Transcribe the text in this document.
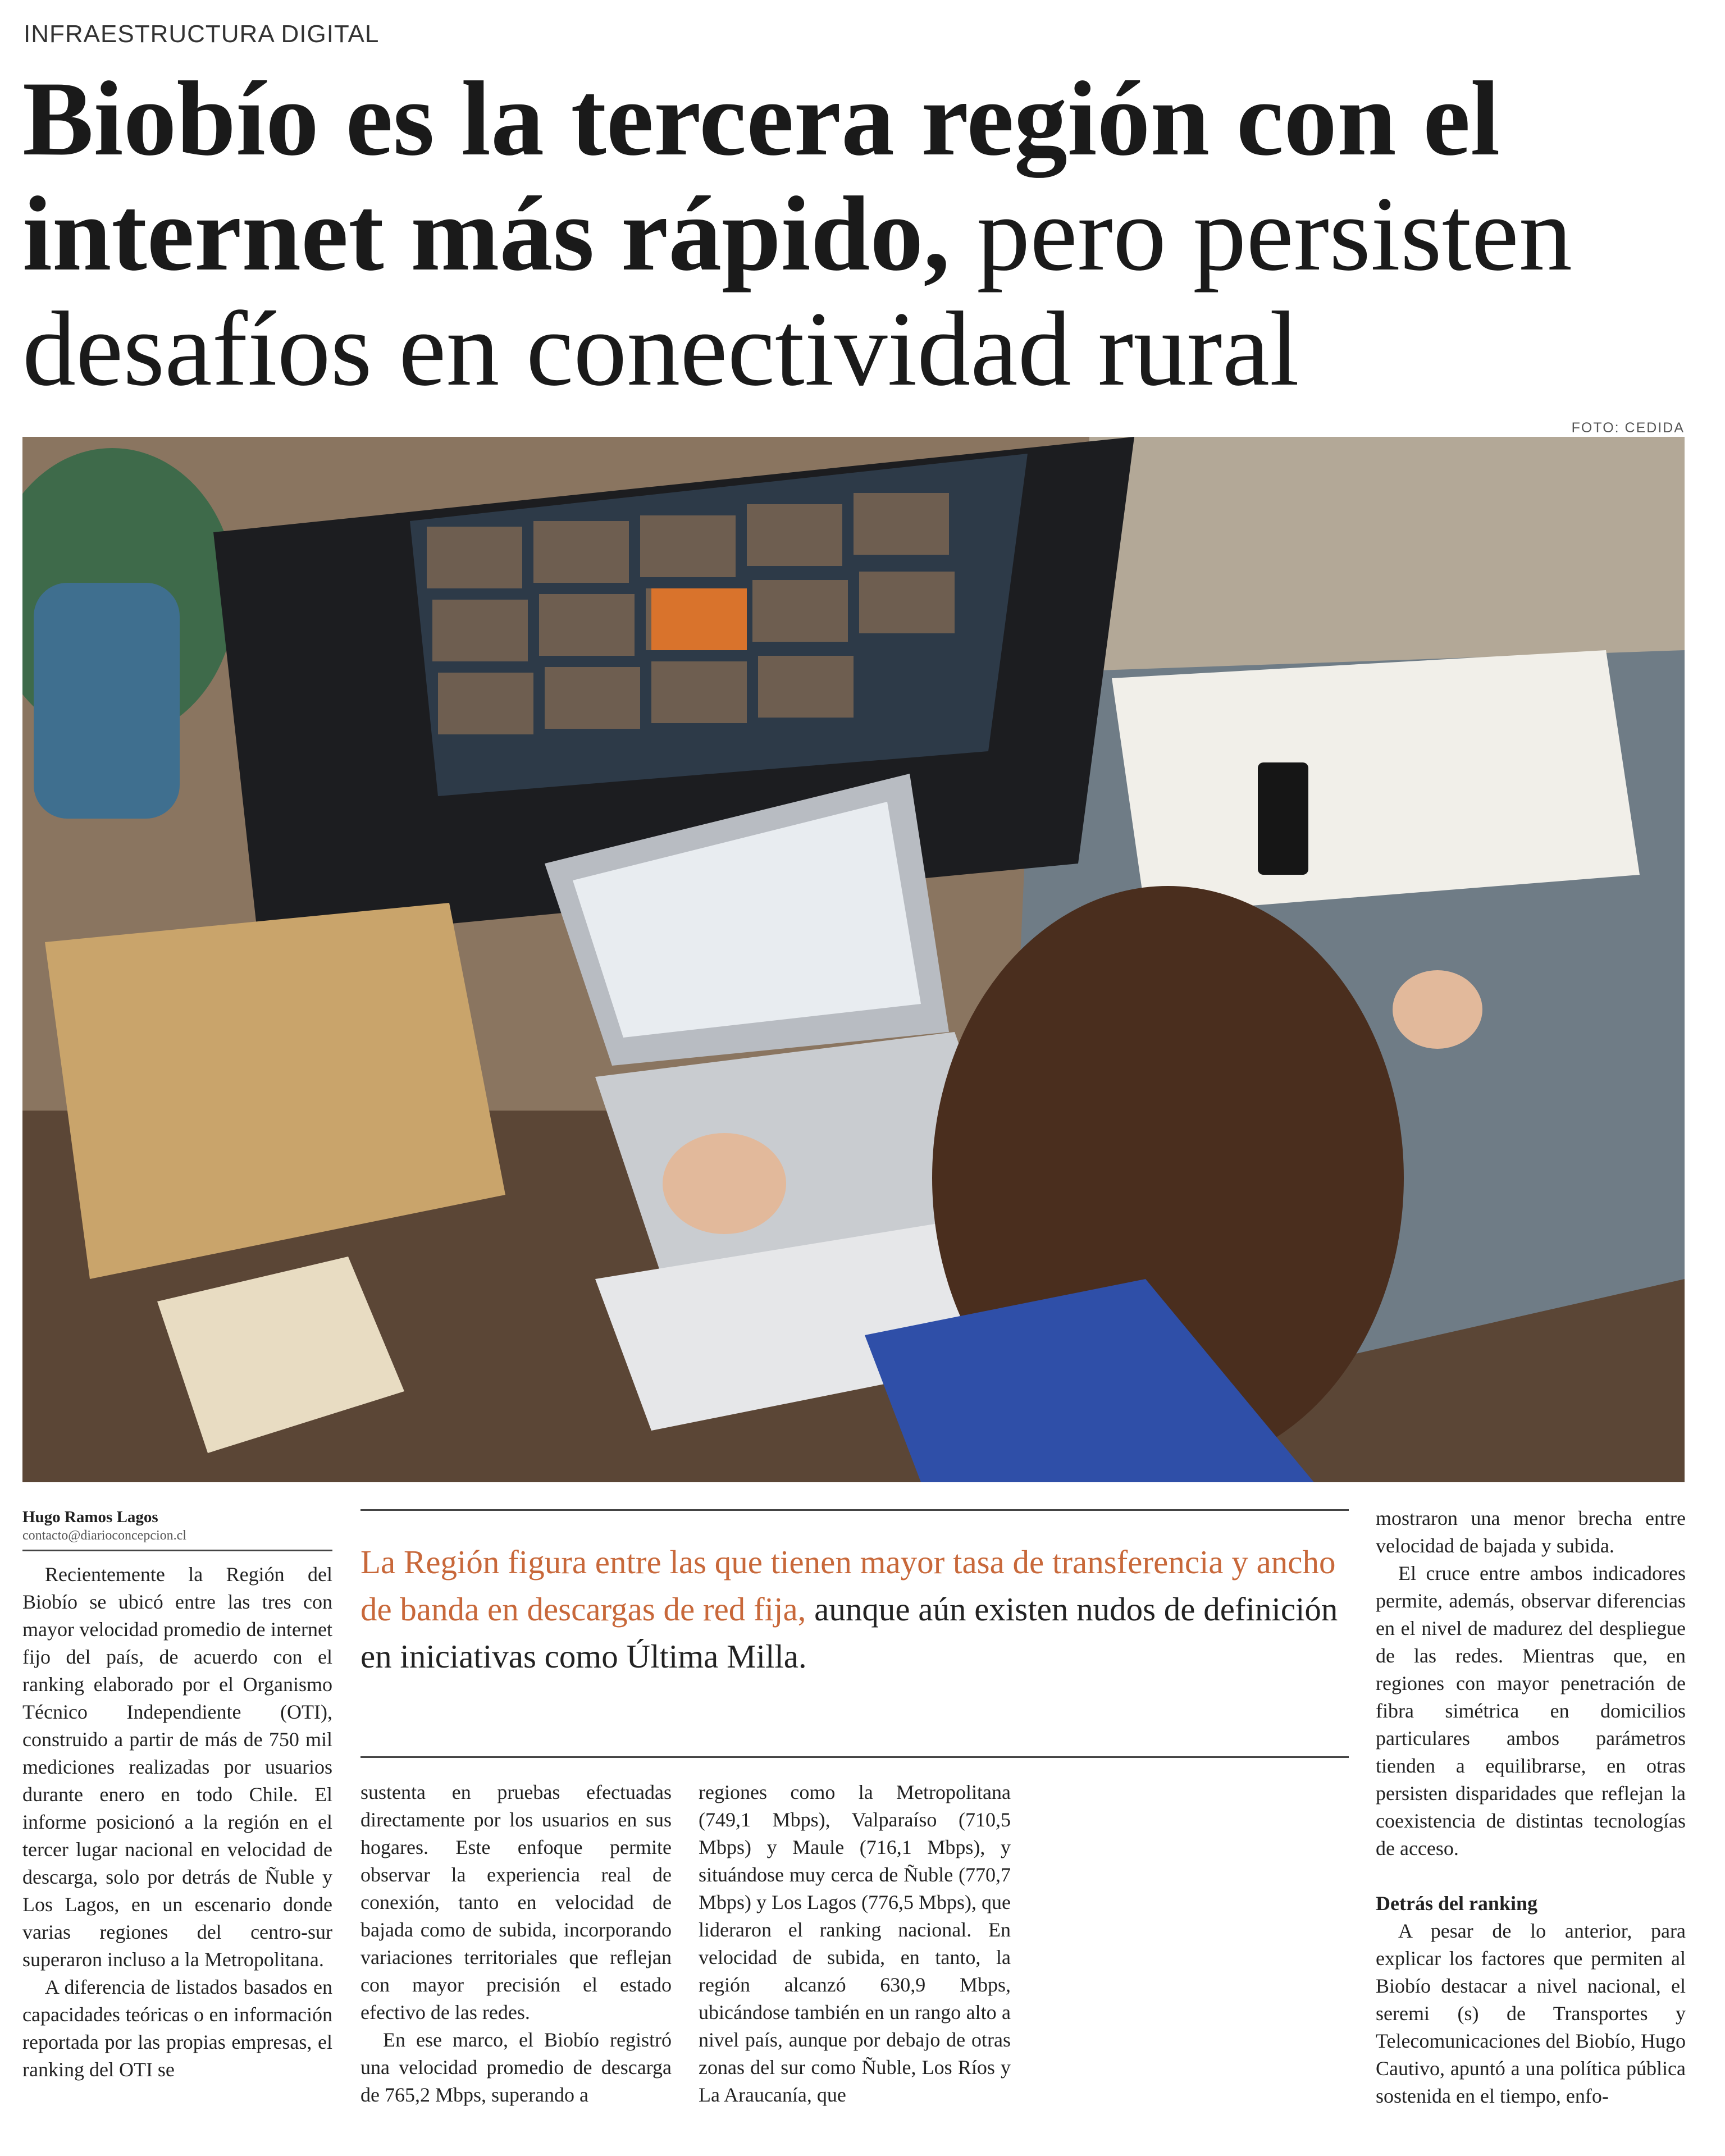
INFRAESTRUCTURA DIGITAL
Biobío es la tercera región con el internet más rápido, pero persisten desafíos en conectividad rural
FOTO: CEDIDA
Hugo Ramos Lagos
contacto@diarioconcepcion.cl
La Región figura entre las que tienen mayor tasa de transferencia y ancho de banda en descargas de red fija, aunque aún existen nudos de definición en iniciativas como Última Milla.

Recientemente la Región del Biobío se ubicó entre las tres con mayor velocidad promedio de internet fijo del país, de acuerdo con el ranking elaborado por el Organismo Técnico Independiente (OTI), construido a partir de más de 750 mil mediciones realizadas por usuarios durante enero en todo Chile. El informe posicionó a la región en el tercer lugar nacional en velocidad de descarga, solo por detrás de Ñuble y Los Lagos, en un escenario donde varias regiones del centro-sur superaron incluso a la Metropolitana.

A diferencia de listados basados en capacidades teóricas o en información reportada por las propias empresas, el ranking del OTI se

sustenta en pruebas efectuadas directamente por los usuarios en sus hogares. Este enfoque permite observar la experiencia real de conexión, tanto en velocidad de bajada como de subida, incorporando variaciones territoriales que reflejan con mayor precisión el estado efectivo de las redes.

En ese marco, el Biobío registró una velocidad promedio de descarga de 765,2 Mbps, superando a

regiones como la Metropolitana (749,1 Mbps), Valparaíso (710,5 Mbps) y Maule (716,1 Mbps), y situándose muy cerca de Ñuble (770,7 Mbps) y Los Lagos (776,5 Mbps), que lideraron el ranking nacional. En velocidad de subida, en tanto, la región alcanzó 630,9 Mbps, ubicándose también en un rango alto a nivel país, aunque por debajo de otras zonas del sur como Ñuble, Los Ríos y La Araucanía, que

mostraron una menor brecha entre velocidad de bajada y subida.

El cruce entre ambos indicadores permite, además, observar diferencias en el nivel de madurez del despliegue de las redes. Mientras que, en regiones con mayor penetración de fibra simétrica en domicilios particulares ambos parámetros tienden a equilibrarse, en otras persisten disparidades que reflejan la coexistencia de distintas tecnologías de acceso.

Detrás del ranking

A pesar de lo anterior, para explicar los factores que permiten al Biobío destacar a nivel nacional, el seremi (s) de Transportes y Telecomunicaciones del Biobío, Hugo Cautivo, apuntó a una política pública sostenida en el tiempo, enfo-
